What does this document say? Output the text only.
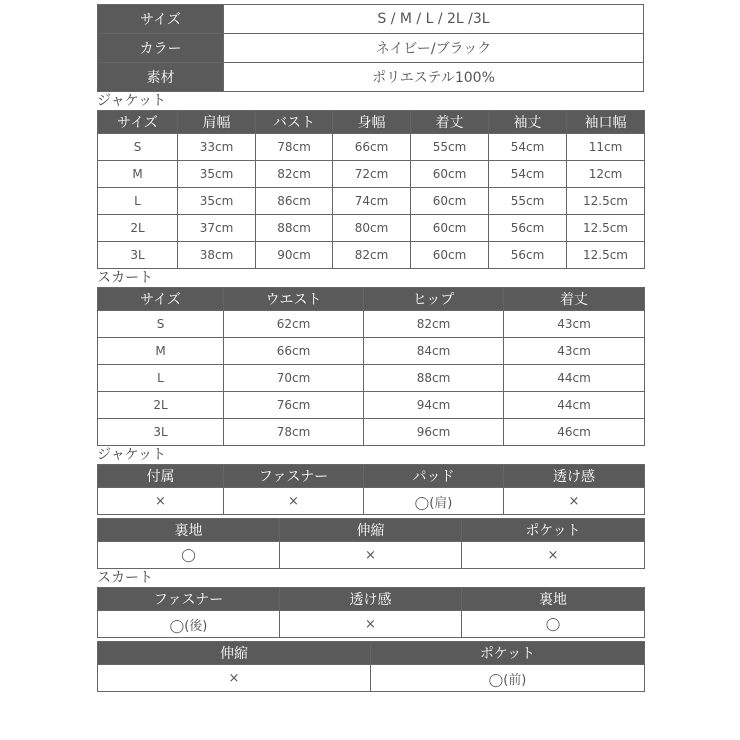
サイズ	S / M / L / 2L /3L
カラー	ネイビー/ブラック
素材	ポリエステル100%
ジャケット
サイズ	肩幅	バスト	身幅	着丈	袖丈	袖口幅
S	33cm	78cm	66cm	55cm	54cm	11cm
M	35cm	82cm	72cm	60cm	54cm	12cm
L	35cm	86cm	74cm	60cm	55cm	12.5cm
2L	37cm	88cm	80cm	60cm	56cm	12.5cm
3L	38cm	90cm	82cm	60cm	56cm	12.5cm
スカート
サイズ	ウエスト	ヒップ	着丈
S	62cm	82cm	43cm
M	66cm	84cm	43cm
L	70cm	88cm	44cm
2L	76cm	94cm	44cm
3L	78cm	96cm	46cm
ジャケット
付属	ファスナー	パッド	透け感
×	×	◯(肩)	×
裏地	伸縮	ポケット
◯	×	×
スカート
ファスナー	透け感	裏地
◯(後)	×	◯
伸縮	ポケット
×	◯(前)
